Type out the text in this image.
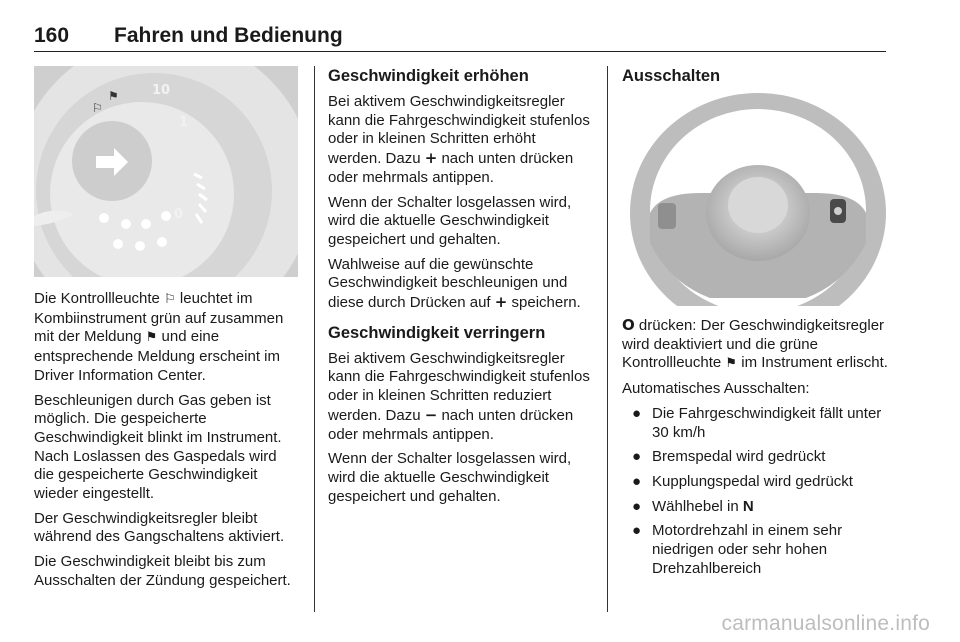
160 Fahren und Bedienung
1
0
10
⚑
⚐

Die Kontrollleuchte ⚐ leuchtet im Kombiinstrument grün auf zusammen mit der Meldung ⚑ und eine entsprechende Meldung erscheint im Driver Information Center.

Beschleunigen durch Gas geben ist möglich. Die gespeicherte Geschwindigkeit blinkt im Instrument. Nach Loslassen des Gaspedals wird die gespeicherte Geschwindigkeit wieder eingestellt.

Der Geschwindigkeitsregler bleibt während des Gangschaltens aktiviert.

Die Geschwindigkeit bleibt bis zum Ausschalten der Zündung gespeichert.

Geschwindigkeit erhöhen

Bei aktivem Geschwindigkeitsregler kann die Fahrgeschwindigkeit stufenlos oder in kleinen Schritten erhöht werden. Dazu + nach unten drücken oder mehrmals antippen.

Wenn der Schalter losgelassen wird, wird die aktuelle Geschwindigkeit gespeichert und gehalten.

Wahlweise auf die gewünschte Geschwindigkeit beschleunigen und diese durch Drücken auf + speichern.

Geschwindigkeit verringern

Bei aktivem Geschwindigkeitsregler kann die Fahrgeschwindigkeit stufenlos oder in kleinen Schritten reduziert werden. Dazu − nach unten drücken oder mehrmals antippen.

Wenn der Schalter losgelassen wird, wird die aktuelle Geschwindigkeit gespeichert und gehalten.

Ausschalten

O drücken: Der Geschwindigkeitsregler wird deaktiviert und die grüne Kontrollleuchte ⚑ im Instrument erlischt.

Automatisches Ausschalten:

● Die Fahrgeschwindigkeit fällt unter 30 km/h
● Bremspedal wird gedrückt
● Kupplungspedal wird gedrückt
● Wählhebel in N
● Motordrehzahl in einem sehr niedrigen oder sehr hohen Drehzahlbereich
carmanualsonline.info
